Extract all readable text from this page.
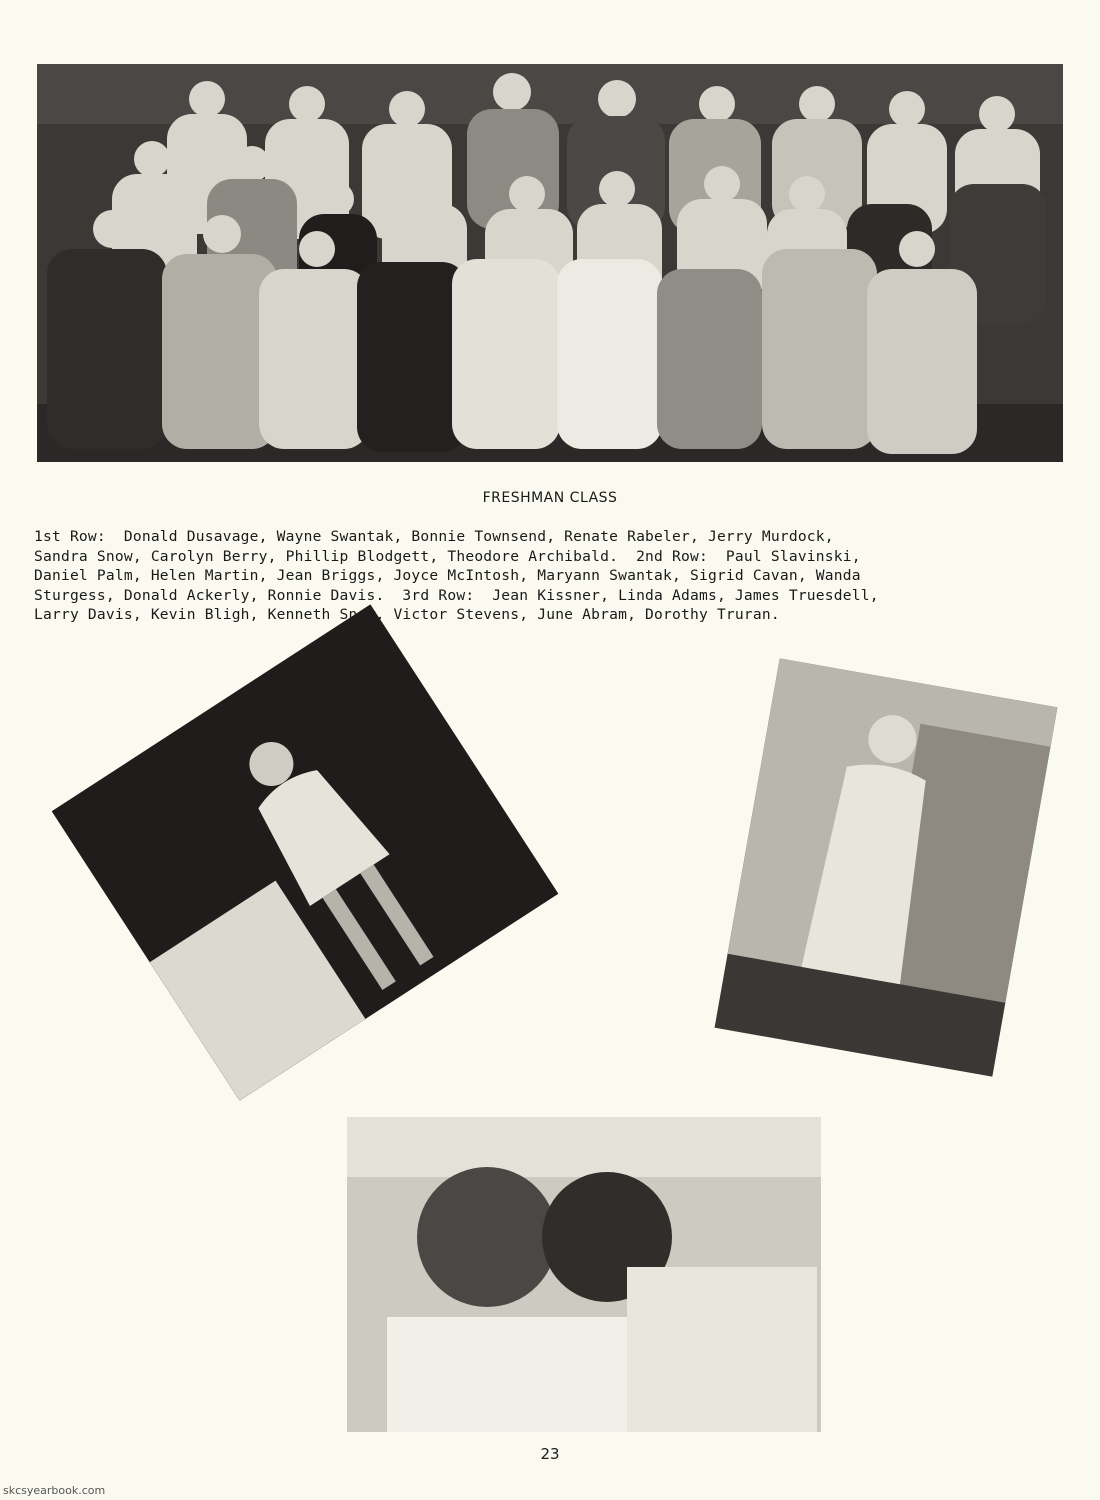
FRESHMAN CLASS
1st Row:  Donald Dusavage, Wayne Swantak, Bonnie Townsend, Renate Rabeler, Jerry Murdock,
Sandra Snow, Carolyn Berry, Phillip Blodgett, Theodore Archibald.  2nd Row:  Paul Slavinski,
Daniel Palm, Helen Martin, Jean Briggs, Joyce McIntosh, Maryann Swantak, Sigrid Cavan, Wanda
Sturgess, Donald Ackerly, Ronnie Davis.  3rd Row:  Jean Kissner, Linda Adams, James Truesdell,
Larry Davis, Kevin Bligh, Kenneth Snow, Victor Stevens, June Abram, Dorothy Truran.
23
skcsyearbook.com
